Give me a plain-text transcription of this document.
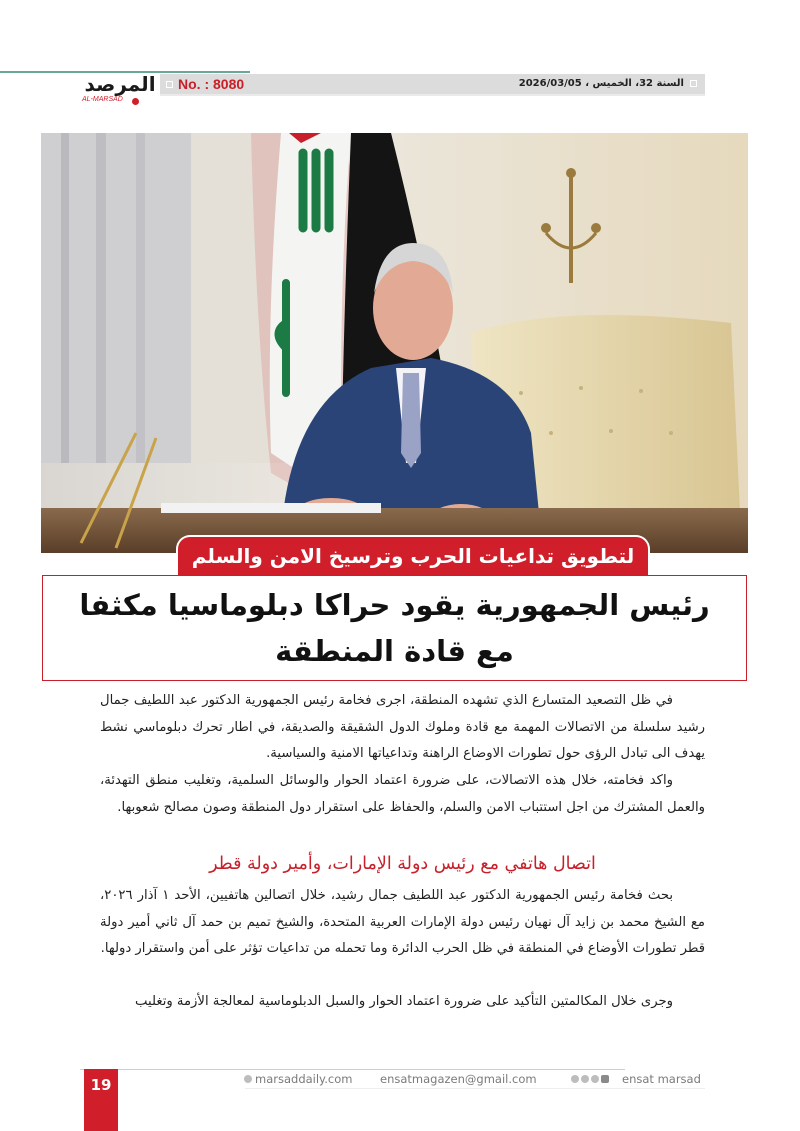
المرصد
AL-MARSAD
No. : 8080	السنة 32، الخميس ، 2026/03/05
لتطويق تداعيات الحرب وترسيخ الامن والسلم
رئيس الجمهورية يقود حراكا دبلوماسيا مكثفا
مع قادة المنطقة

في ظل التصعيد المتسارع الذي تشهده المنطقة، اجرى فخامة رئيس الجمهورية الدكتور عبد اللطيف جمال رشيد سلسلة من الاتصالات المهمة مع قادة وملوك الدول الشقيقة والصديقة، في اطار تحرك دبلوماسي نشط يهدف الى تبادل الرؤى حول تطورات الاوضاع الراهنة وتداعياتها الامنية والسياسية.

واكد فخامته، خلال هذه الاتصالات، على ضرورة اعتماد الحوار والوسائل السلمية، وتغليب منطق التهدئة، والعمل المشترك من اجل استتباب الامن والسلم، والحفاظ على استقرار دول المنطقة وصون مصالح شعوبها.

اتصال هاتفي مع رئيس دولة الإمارات، وأمير دولة قطر

بحث فخامة رئيس الجمهورية الدكتور عبد اللطيف جمال رشيد، خلال اتصالين هاتفيين، الأحد ١ آذار ٢٠٢٦، مع الشيخ محمد بن زايد آل نهيان رئيس دولة الإمارات العربية المتحدة، والشيخ تميم بن حمد آل ثاني أمير دولة قطر تطورات الأوضاع في المنطقة في ظل الحرب الدائرة وما تحمله من تداعيات تؤثر على أمن واستقرار دولها.

وجرى خلال المكالمتين التأكيد على ضرورة اعتماد الحوار والسبل الدبلوماسية لمعالجة الأزمة وتغليب

19	marsaddaily.com ensatmagazen@gmail.com	ensat marsad
